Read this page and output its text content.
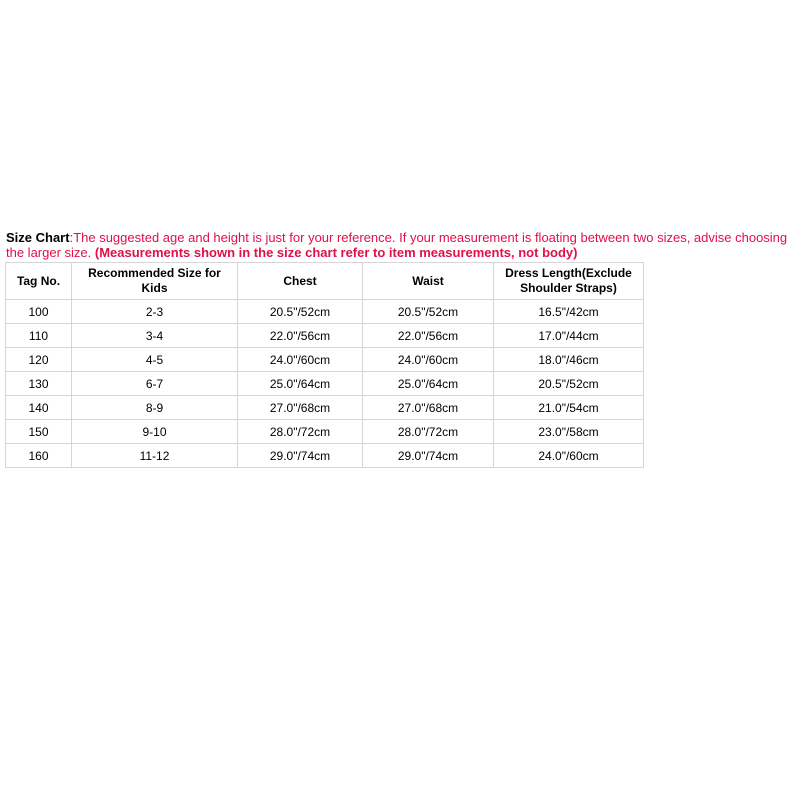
Size Chart:The suggested age and height is just for your reference. If your measurement is floating between two sizes, advise choosing the larger size. (Measurements shown in the size chart refer to item measurements, not body)
Tag No.	Recommended Size for Kids	Chest	Waist	Dress Length(Exclude Shoulder Straps)
100	2-3	20.5"/52cm	20.5"/52cm	16.5"/42cm
110	3-4	22.0"/56cm	22.0"/56cm	17.0"/44cm
120	4-5	24.0"/60cm	24.0"/60cm	18.0"/46cm
130	6-7	25.0"/64cm	25.0"/64cm	20.5"/52cm
140	8-9	27.0"/68cm	27.0"/68cm	21.0"/54cm
150	9-10	28.0"/72cm	28.0"/72cm	23.0"/58cm
160	11-12	29.0"/74cm	29.0"/74cm	24.0"/60cm
